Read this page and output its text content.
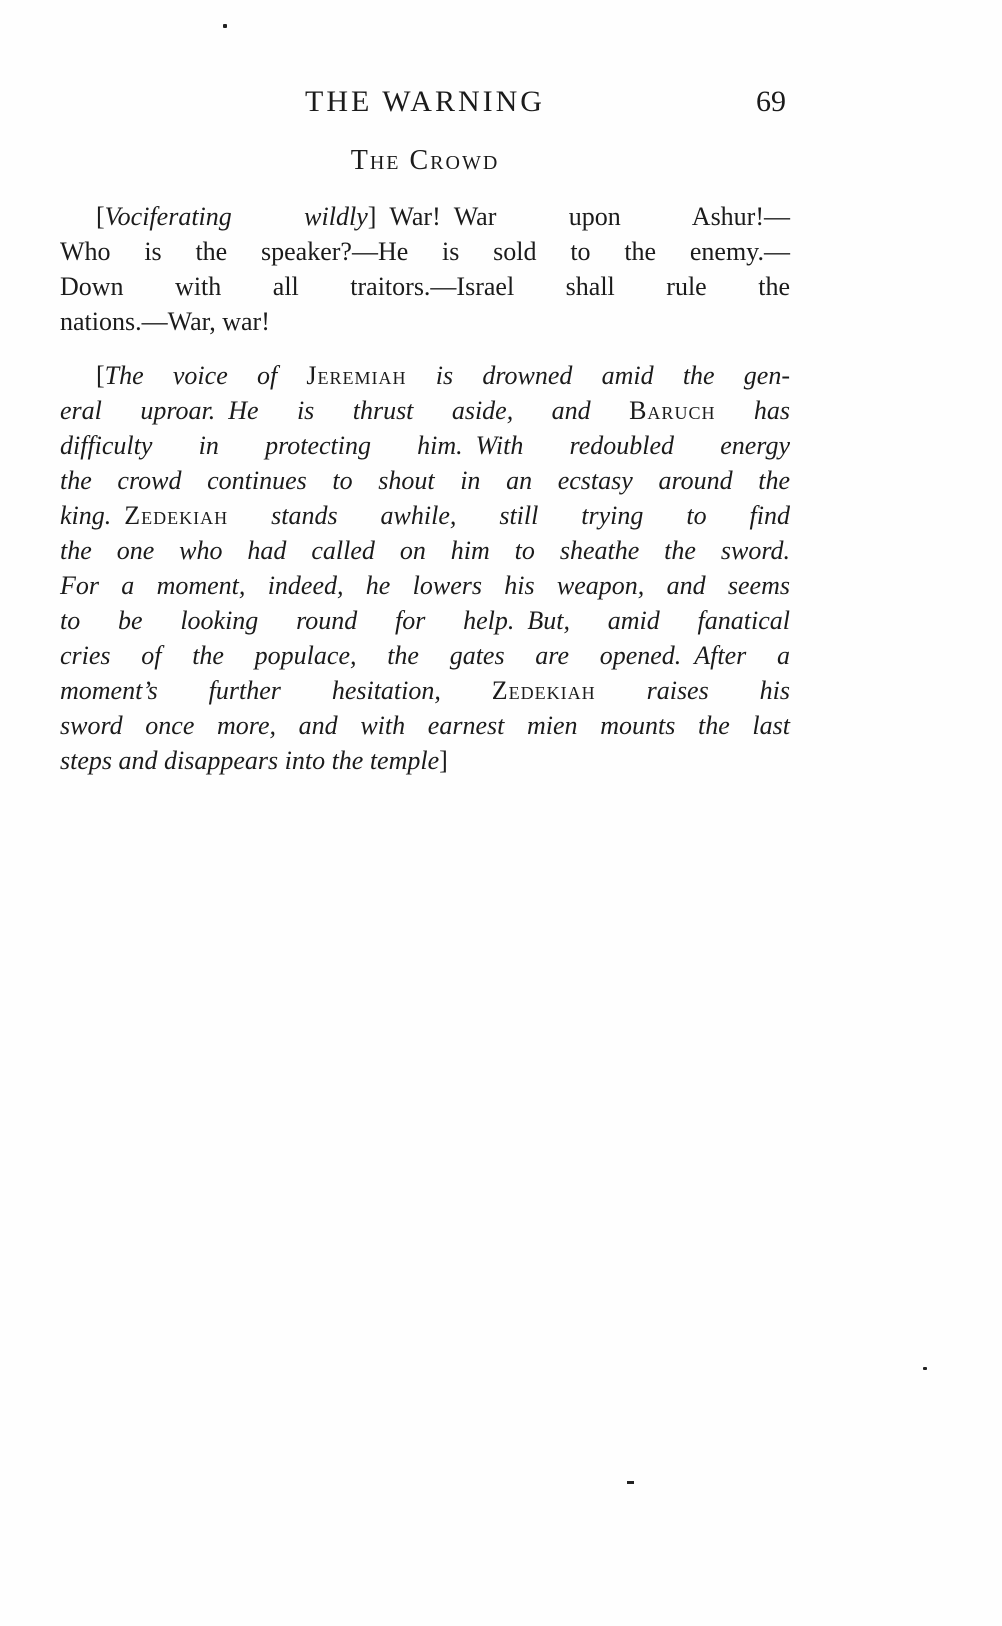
THE WARNING	69
The Crowd
[Vociferating wildly] War! War upon Ashur!—
Who is the speaker?—He is sold to the enemy.—
Down with all traitors.—Israel shall rule the
nations.—War, war!
[The voice of Jeremiah is drowned amid the gen-
eral uproar. He is thrust aside, and Baruch has
difficulty in protecting him. With redoubled energy
the crowd continues to shout in an ecstasy around the
king. Zedekiah stands awhile, still trying to find
the one who had called on him to sheathe the sword.
For a moment, indeed, he lowers his weapon, and seems
to be looking round for help. But, amid fanatical
cries of the populace, the gates are opened. After a
moment’s further hesitation, Zedekiah raises his
sword once more, and with earnest mien mounts the last
steps and disappears into the temple]
